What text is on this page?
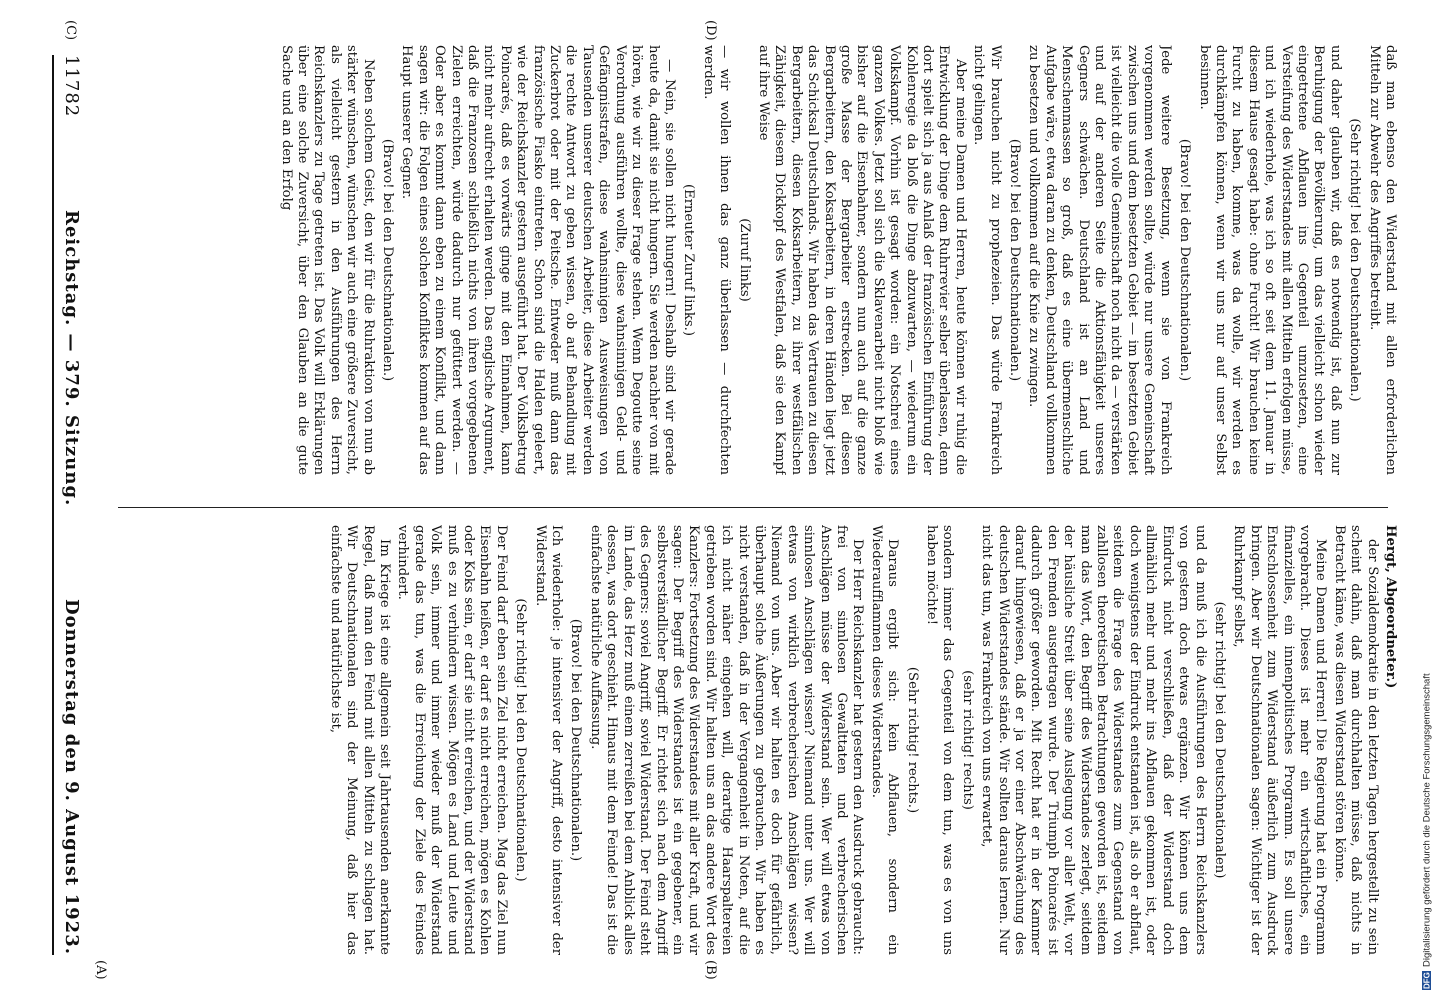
11782
Reichstag. — 379. Sitzung.
Donnerstag den 9. August 1923.	Hergt, Abgeordneter.)

der Sozialdemokratie in den letzten Tagen hergestellt zu sein scheint dahin, daß man durchhalten müsse, daß nichts in Betracht käme, was diesen Widerstand stören könne.

Meine Damen und Herren! Die Regierung hat ein Programm vorgebracht. Dieses ist mehr ein wirtschaftliches, ein finanzielles, ein innenpolitisches Programm. Es soll unsere Entschlossenheit zum Widerstand äußerlich zum Ausdruck bringen. Aber wir Deutschnationalen sagen: Wichtiger ist der Ruhrkampf selbst,

(sehr richtig! bei den Deutschnationalen)

und da muß ich die Ausführungen des Herrn Reichskanzlers von gestern doch etwas ergänzen. Wir können uns dem Eindruck nicht verschließen, daß der Widerstand doch allmählich mehr und mehr ins Abflauen gekommen ist, oder doch wenigstens der Eindruck entstanden ist, als ob er abflaut, seitdem die Frage des Widerstandes zum Gegenstand von zahllosen theoretischen Betrachtungen geworden ist, seitdem man das Wort, den Begriff des Widerstandes zerlegt, seitdem der häusliche Streit über seine Auslegung vor aller Welt, vor den Fremden ausgetragen wurde. Der Triumph Poincarés ist dadurch größer geworden. Mit Recht hat er in der Kammer darauf hingewiesen, daß er ja vor einer Abschwächung des deutschen Widerstandes stände. Wir sollten daraus lernen. Nur nicht das tun, was Frankreich von uns erwartet,

(sehr richtig! rechts)

sondern immer das Gegenteil von dem tun, was es von uns haben möchte!

(Sehr richtig! rechts.)

Daraus ergibt sich: kein Abflauen, sondern ein Wiederaufflammen dieses Widerstandes.

Der Herr Reichskanzler hat gestern den Ausdruck gebraucht: frei von sinnlosen Gewalttaten und verbrecherischen Anschlägen müsse der Widerstand sein. Wer will etwas von sinnlosen Anschlägen wissen? Niemand unter uns. Wer will etwas von wirklich verbrecherischen Anschlägen wissen? Niemand von uns. Aber wir halten es doch für gefährlich, überhaupt solche Äußerungen zu gebrauchen. Wir haben es nicht verstanden, daß in der Vergangenheit in Noten, auf die ich nicht näher eingehen will, derartige Haarspaltereien getrieben worden sind. Wir halten uns an das andere Wort des Kanzlers: Fortsetzung des Widerstandes mit aller Kraft, und wir sagen: Der Begriff des Widerstandes ist ein gegebener, ein selbstverständlicher Begriff. Er richtet sich nach dem Angriff des Gegners: soviel Angriff, soviel Widerstand. Der Feind steht im Lande, das Herz muß einem zerreißen bei dem Anblick alles dessen, was dort geschieht. Hinaus mit dem Feinde! Das ist die einfachste natürliche Auffassung.

(Bravo! bei den Deutschnationalen.)

Ich wiederhole: je intensiver der Angriff, desto intensiver der Widerstand.

(Sehr richtig! bei den Deutschnationalen.)

Der Feind darf eben sein Ziel nicht erreichen. Mag das Ziel nun Eisenbahn heißen, er darf es nicht erreichen, mögen es Kohlen oder Koks sein, er darf sie nicht erreichen, und der Widerstand muß es zu verhindern wissen. Mögen es Land und Leute und Volk sein, immer und immer wieder muß der Widerstand gerade das tun, was die Erreichung der Ziele des Feindes verhindert.

Im Kriege ist eine allgemein seit Jahrtausenden anerkannte Regel, daß man den Feind mit allen Mitteln zu schlagen hat. Wir Deutschnationalen sind der Meinung, daß hier das einfachste und natürlichste ist,

daß man ebenso den Widerstand mit allen erforderlichen Mitteln zur Abwehr des Angriffes betreibt.

(Sehr richtig! bei den Deutschnationalen.)

und daher glauben wir, daß es notwendig ist, daß nun zur Beruhigung der Bevölkerung, um das vielleicht schon wieder eingetretene Abflauen ins Gegenteil umzusetzen, eine Versteifung des Widerstandes mit allen Mitteln erfolgen müsse, und ich wiederhole, was ich so oft seit dem 11. Januar in diesem Hause gesagt habe: ohne Furcht! Wir brauchen keine Furcht zu haben, komme, was da wolle, wir werden es durchkämpfen können, wenn wir uns nur auf unser Selbst besinnen.

(Bravo! bei den Deutschnationalen.)

Jede weitere Besetzung, wenn sie von Frankreich vorgenommen werden sollte, würde nur unsere Gemeinschaft zwischen uns und dem besetzten Gebiet — im besetzten Gebiet ist vielleicht die volle Gemeinschaft noch nicht da — verstärken und auf der anderen Seite die Aktionsfähigkeit unseres Gegners schwächen. Deutschland ist an Land und Menschenmassen so groß, daß es eine übermenschliche Aufgabe wäre, etwa daran zu denken, Deutschland vollkommen zu besetzen und vollkommen auf die Knie zu zwingen.

(Bravo! bei den Deutschnationalen.)

Wir brauchen nicht zu prophezeien. Das würde Frankreich nicht gelingen.

Aber meine Damen und Herren, heute können wir ruhig die Entwicklung der Dinge dem Ruhrrevier selber überlassen, denn dort spielt sich ja aus Anlaß der französischen Einführung der Kohlenregie da bloß die Dinge abzuwarten, — wiederum ein Volkskampf. Vorhin ist gesagt worden: ein Notschrei eines ganzen Volkes. Jetzt soll sich die Sklavenarbeit nicht bloß wie bisher auf die Eisenbahner, sondern nun auch auf die ganze große Masse der Bergarbeiter erstrecken. Bei diesen Bergarbeitern, den Koksarbeitern, in deren Händen liegt jetzt das Schicksal Deutschlands. Wir haben das Vertrauen zu diesen Bergarbeitern, diesen Koksarbeitern, zu ihrer westfälischen Zähigkeit, diesem Dickkopf des Westfalen, daß sie den Kampf auf ihre Weise

(Zuruf links)

— wir wollen ihnen das ganz überlassen — durchfechten werden.

(Erneuter Zuruf links.)

— Nein, sie sollen nicht hungern! Deshalb sind wir gerade heute da, damit sie nicht hungern. Sie werden nachher von mit hören, wie wir zu dieser Frage stehen. Wenn Degoutte seine Verordnung ausführen wollte, diese wahnsinnigen Geld- und Gefängnisstrafen, diese wahnsinnigen Ausweisungen von Tausenden unserer deutschen Arbeiter, diese Arbeiter werden die rechte Antwort zu geben wissen, ob auf Behandlung mit Zuckerbrot oder mit der Peitsche. Entweder muß dann das französische Fiasko eintreten. Schon sind die Halden geleert, wie der Reichskanzler gestern ausgeführt hat. Der Volksbetrug Poincarés, daß es vorwärts ginge mit den Einnahmen, kann nicht mehr aufrecht erhalten werden. Das englische Argument, daß die Franzosen schließlich nichts von ihren vorgegebenen Zielen erreichten, würde dadurch nur gefüttert werden. — Oder aber es kommt dann eben zu einem Konflikt, und dann sagen wir: die Folgen eines solchen Konfliktes kommen auf das Haupt unserer Gegner.

(Bravo! bei den Deutschnationalen.)

Neben solchem Geist, den wir für die Ruhraktion von nun ab stärker wünschen, wünschen wir auch eine größere Zuversicht, als vielleicht gestern in den Ausführungen des Herrn Reichskanzlers zu Tage getreten ist. Das Volk will Erklärungen über eine solche Zuversicht, über den Glauben an die gute Sache und an den Erfolg

(A)	(B)
(C)	(D)
DFG
Digitalisierung gefördert durch die Deutsche Forschungsgemeinschaft
